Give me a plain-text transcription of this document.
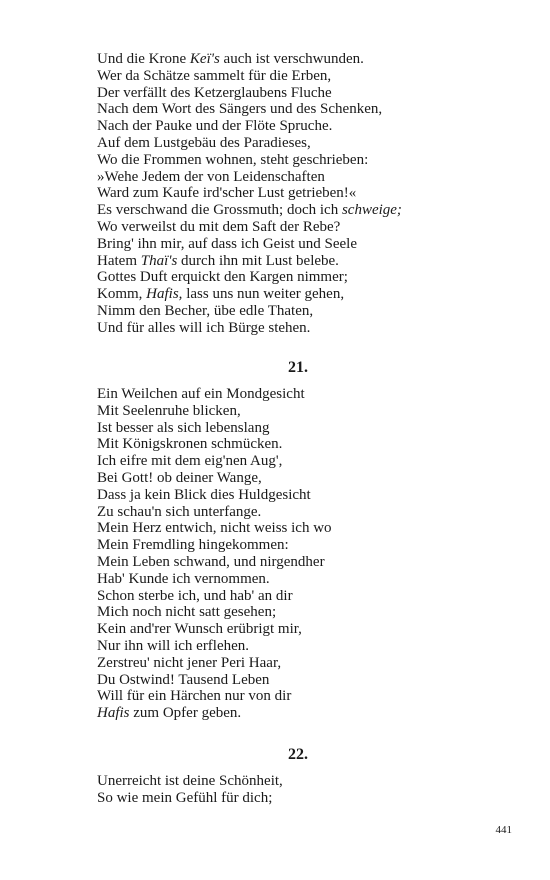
Und die Krone Keï's auch ist verschwunden.
Wer da Schätze sammelt für die Erben,
Der verfällt des Ketzerglaubens Fluche
Nach dem Wort des Sängers und des Schenken,
Nach der Pauke und der Flöte Spruche.
Auf dem Lustgebäu des Paradieses,
Wo die Frommen wohnen, steht geschrieben:
»Wehe Jedem der von Leidenschaften
Ward zum Kaufe ird'scher Lust getrieben!«
Es verschwand die Grossmuth; doch ich schweige;
Wo verweilst du mit dem Saft der Rebe?
Bring' ihn mir, auf dass ich Geist und Seele
Hatem Thaï's durch ihn mit Lust belebe.
Gottes Duft erquickt den Kargen nimmer;
Komm, Hafis, lass uns nun weiter gehen,
Nimm den Becher, übe edle Thaten,
Und für alles will ich Bürge stehen.
21.
Ein Weilchen auf ein Mondgesicht
Mit Seelenruhe blicken,
Ist besser als sich lebenslang
Mit Königskronen schmücken.
Ich eifre mit dem eig'nen Aug',
Bei Gott! ob deiner Wange,
Dass ja kein Blick dies Huldgesicht
Zu schau'n sich unterfange.
Mein Herz entwich, nicht weiss ich wo
Mein Fremdling hingekommen:
Mein Leben schwand, und nirgendher
Hab' Kunde ich vernommen.
Schon sterbe ich, und hab' an dir
Mich noch nicht satt gesehen;
Kein and'rer Wunsch erübrigt mir,
Nur ihn will ich erflehen.
Zerstreu' nicht jener Peri Haar,
Du Ostwind! Tausend Leben
Will für ein Härchen nur von dir
Hafis zum Opfer geben.
22.
Unerreicht ist deine Schönheit,
So wie mein Gefühl für dich;
441
